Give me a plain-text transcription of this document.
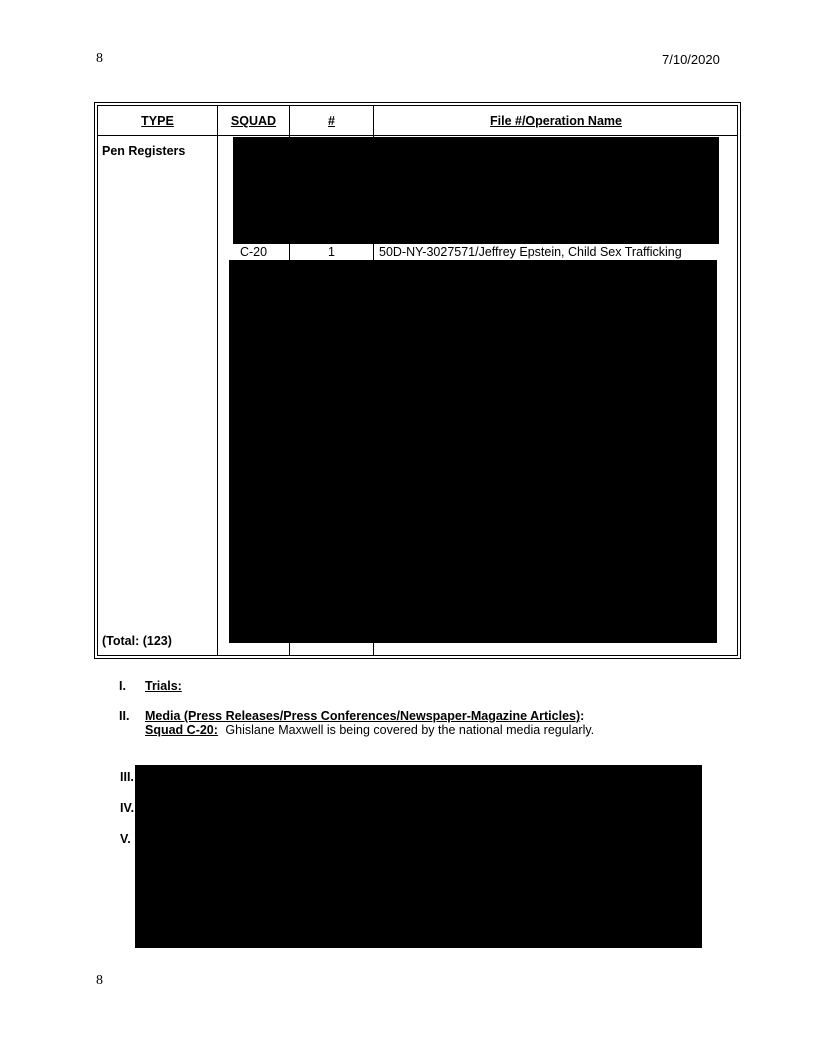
8	7/10/2020
TYPE	SQUAD	#	File #/Operation Name
Pen Registers
C-20	1	50D-NY-3027571/Jeffrey Epstein, Child Sex Trafficking
(Total: (123)
I. Trials:
II. Media (Press Releases/Press Conferences/Newspaper-Magazine Articles):
Squad C-20: Ghislane Maxwell is being covered by the national media regularly.
III.
IV.
V.
8
